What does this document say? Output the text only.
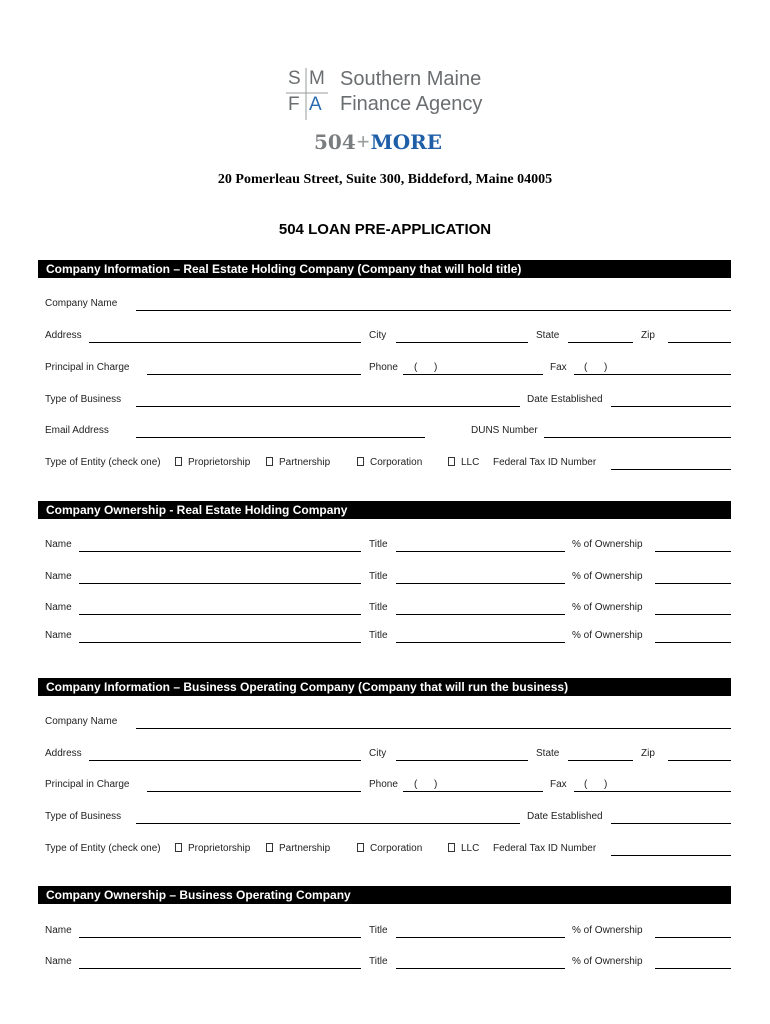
S M
F A
Southern Maine
Finance Agency
504+MORE
20 Pomerleau Street, Suite 300, Biddeford, Maine 04005
504 LOAN PRE-APPLICATION
Company Information – Real Estate Holding Company (Company that will hold title)
Company Name
Address	City	State	Zip
Principal in Charge	Phone ( )	Fax ( )
Type of Business	Date Established
Email Address	DUNS Number
Type of Entity (check one)	Proprietorship	Partnership	Corporation	LLC Federal Tax ID Number
Company Ownership - Real Estate Holding Company
Name	Title	% of Ownership
Name	Title	% of Ownership
Name	Title	% of Ownership
Name	Title	% of Ownership
Company Information – Business Operating Company (Company that will run the business)
Company Name
Address	City	State	Zip
Principal in Charge	Phone ( )	Fax ( )
Type of Business	Date Established
Type of Entity (check one)	Proprietorship	Partnership	Corporation	LLC Federal Tax ID Number
Company Ownership – Business Operating Company
Name	Title	% of Ownership
Name	Title	% of Ownership
